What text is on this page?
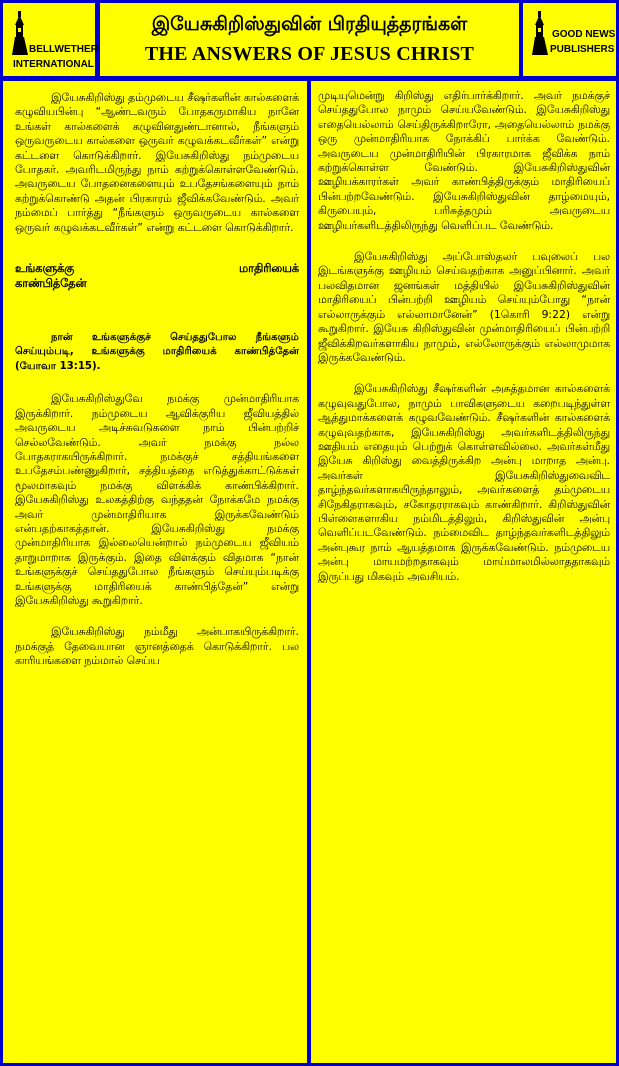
BELLWETHER
INTERNATIONAL
இயேசுகிறிஸ்துவின் பிரதியுத்தரங்கள்
THE ANSWERS OF JESUS CHRIST
GOOD NEWS
PUBLISHERS

இயேசுகிறிஸ்து தம்முடைய சீஷர்களின் கால்களைக் கழுவியபின்பு “ஆண்டவரும் போதகருமாகிய நானே உங்கள் கால்களைக் கழுவினதுண்டானால், நீங்களும் ஒருவருடைய கால்களை ஒருவர் கழுவக்கடவீர்கள்” என்று கட்டளை கொடுக்கிறார். இயேசுகிறிஸ்து நம்முடைய போதகர். அவரிடமிருந்து நாம் கற்றுக்கொள்ளவேண்டும். அவருடைய போதனைகளையும் உபதேசங்களையும் நாம் கற்றுக்கொண்டு அதன் பிரகாரம் ஜீவிக்கவேண்டும். அவர் நம்மைப் பார்த்து “நீங்களும் ஒருவருடைய கால்களை ஒருவர் கழுவக்கடவீர்கள்” என்று கட்டளை கொடுக்கிறார்.

உங்களுக்கு மாதிரியைக்
காண்பித்தேன்
நான் உங்களுக்குச் செய்ததுபோல நீங்களும் செய்யும்படி, உங்களுக்கு மாதிரியைக் காண்பித்தேன் (யோவா 13:15).

இயேசுகிறிஸ்துவே நமக்கு முன்மாதிரியாக இருக்கிறார். நம்முடைய ஆவிக்குரிய ஜீவியத்தில் அவருடைய அடிச்சுவடுகளை நாம் பின்பற்றிச் செல்லவேண்டும். அவர் நமக்கு நல்ல போதகராகயிருக்கிறார். நமக்குச் சத்தியங்களை உபதேசம்பண்ணுகிறார், சத்தியத்தை எடுத்துக்காட்டுக்கள் மூலமாகவும் நமக்கு விளக்கிக் காண்பிக்கிறார். இயேசுகிறிஸ்து உலகத்திற்கு வந்ததன் நோக்கமே நமக்கு அவர் முன்மாதிரியாக இருக்கவேண்டும் என்பதற்காகத்தான். இயேசுகிறிஸ்து நமக்கு முன்மாதிரியாக இல்லையென்றால் நம்முடைய ஜீவியம் தாறுமாறாக இருக்கும். இதை விளக்கும் விதமாக “நான் உங்களுக்குச் செய்ததுபோல நீங்களும் செய்யும்படிக்கு உங்களுக்கு மாதிரியைக் காண்பித்தேன்” என்று இயேசுகிறிஸ்து கூறுகிறார்.

இயேசுகிறிஸ்து நம்மீது அன்பாகயிருக்கிறார். நமக்குத் தேவையான ஞானத்தைக் கொடுக்கிறார். பல காரியங்களை நம்மால் செய்ய

முடியுமென்று கிறிஸ்து எதிர்பார்க்கிறார். அவர் நமக்குச் செய்ததுபோல நாமும் செய்யவேண்டும். இயேசுகிறிஸ்து எதையெல்லாம் செய்திருக்கிறாரோ, அதையெல்லாம் நமக்கு ஒரு முன்மாதிரியாக நோக்கிப் பார்க்க வேண்டும். அவருடைய முன்மாதிரியின் பிரகாரமாக ஜீவிக்க நாம் கற்றுக்கொள்ள வேண்டும். இயேசுகிறிஸ்துவின் ஊழியக்காரர்கள் அவர் காண்பித்திருக்கும் மாதிரியைப் பின்பற்றவேண்டும். இயேசுகிறிஸ்துவின் தாழ்மையும், கிருபையும், பரிசுத்தமும் அவருடைய ஊழியர்களிடத்திலிருந்து வெளிப்பட வேண்டும்.

இயேசுகிறிஸ்து அப்போஸ்தலர் பவுலைப் பல இடங்களுக்கு ஊழியம் செய்வதற்காக அனுப்பினார். அவர் பலவிதமான ஜனங்கள் மத்தியில் இயேசுகிறிஸ்துவின் மாதிரியைப் பின்பற்றி ஊழியம் செய்யும்போது “நான் எல்லாருக்கும் எல்லாமானேன்” (1கொரி 9:22) என்று கூறுகிறார். இயேசு கிறிஸ்துவின் முன்மாதிரியைப் பின்பற்றி ஜீவிக்கிறவர்களாகிய நாமும், எல்லோருக்கும் எல்லாமுமாக இருக்கவேண்டும்.

இயேசுகிறிஸ்து சீஷர்களின் அசுத்தமான கால்களைக் கழுவுவதுபோல, நாமும் பாவிகளுடைய கறைபடிந்துள்ள ஆத்துமாக்களைக் கழுவவேண்டும். சீஷர்களின் கால்களைக் கழுவுவதற்காக, இயேசுகிறிஸ்து அவர்களிடத்திலிருந்து ஊதியம் எதையும் பெற்றுக் கொள்ளவில்லை. அவர்கள்மீது இயேசு கிறிஸ்து வைத்திருக்கிற அன்பு மாறாத அன்பு. அவர்கள் இயேசுகிறிஸ்துவைவிட தாழ்ந்தவர்களாகயிருந்தாலும், அவர்களைத் தம்முடைய சிநேகிதராகவும், சகோதரராகவும் காண்கிறார். கிறிஸ்துவின் பிள்ளைகளாகிய நம்மிடத்திலும், கிறிஸ்துவின் அன்பு வெளிப்படவேண்டும். நம்மைவிட தாழ்ந்தவர்களிடத்திலும் அன்புகூர நாம் ஆயத்தமாக இருக்கவேண்டும். நம்முடைய அன்பு மாயமற்றதாகவும் மாய்மாலமில்லாததாகவும் இருப்பது மிகவும் அவசியம்.
